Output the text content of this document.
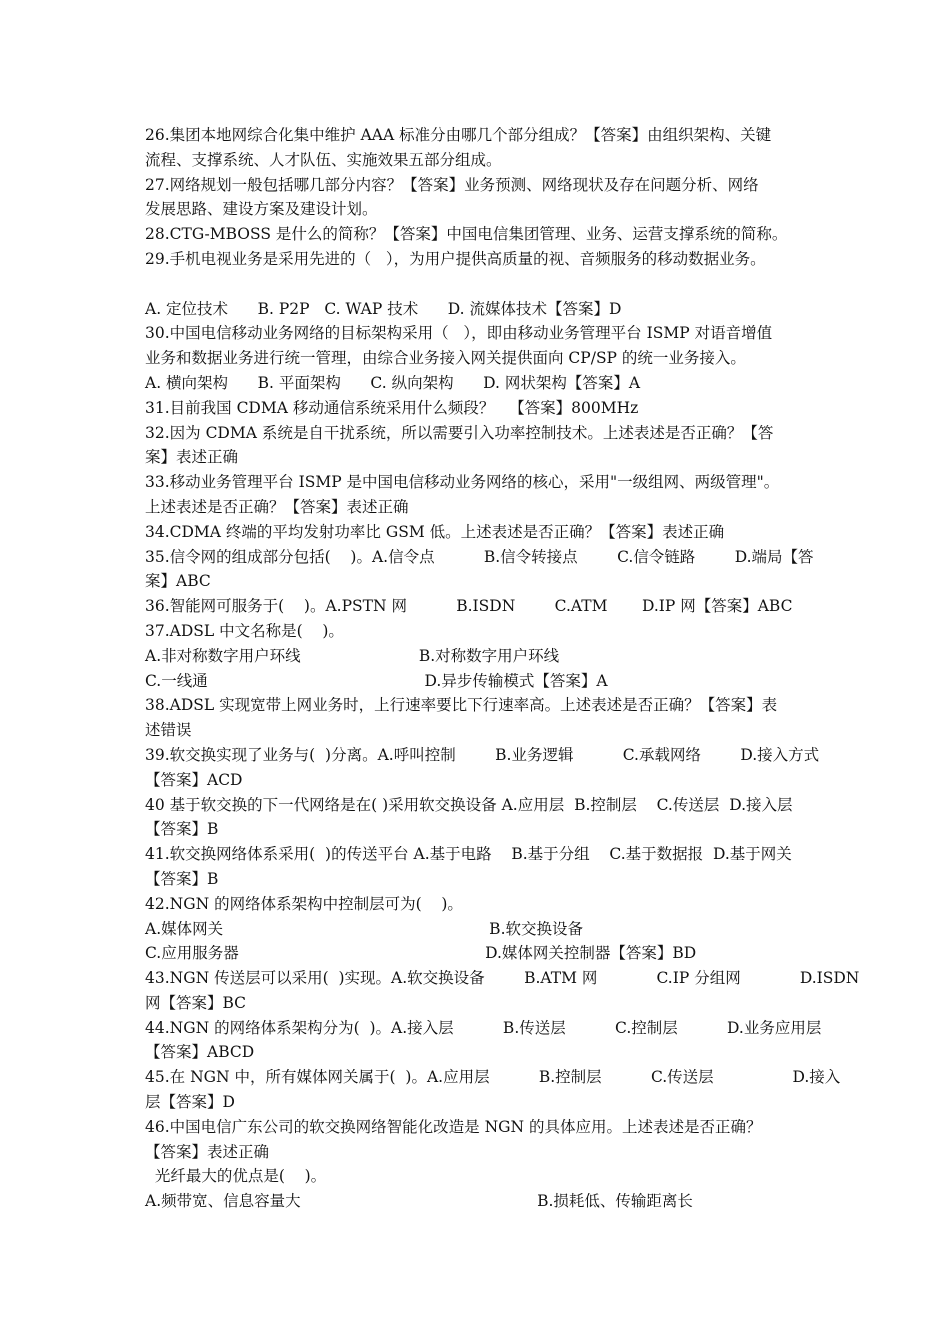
26.集团本地网综合化集中维护 AAA 标准分由哪几个部分组成？【答案】由组织架构、关键
流程、支撑系统、人才队伍、实施效果五部分组成。
27.网络规划一般包括哪几部分内容？【答案】业务预测、网络现状及存在问题分析、网络
发展思路、建设方案及建设计划。
28.CTG-MBOSS 是什么的简称？【答案】中国电信集团管理、业务、运营支撑系统的简称。
29.手机电视业务是采用先进的（   ），为用户提供高质量的视、音频服务的移动数据业务。
A. 定位技术      B. P2P   C. WAP 技术      D. 流媒体技术【答案】D
30.中国电信移动业务网络的目标架构采用（   ），即由移动业务管理平台 ISMP 对语音增值
业务和数据业务进行统一管理，由综合业务接入网关提供面向 CP/SP 的统一业务接入。
A. 横向架构      B. 平面架构      C. 纵向架构      D. 网状架构【答案】A
31.目前我国 CDMA 移动通信系统采用什么频段？   【答案】800MHz
32.因为 CDMA 系统是自干扰系统，所以需要引入功率控制技术。上述表述是否正确？【答
案】表述正确
33.移动业务管理平台 ISMP 是中国电信移动业务网络的核心，采用"一级组网、两级管理"。
上述表述是否正确？【答案】表述正确
34.CDMA 终端的平均发射功率比 GSM 低。上述表述是否正确？【答案】表述正确
35.信令网的组成部分包括(    )。A.信令点          B.信令转接点        C.信令链路        D.端局【答
案】ABC
36.智能网可服务于(    )。A.PSTN 网          B.ISDN        C.ATM       D.IP 网【答案】ABC
37.ADSL 中文名称是(    )。
A.非对称数字用户环线                        B.对称数字用户环线
C.一线通                                            D.异步传输模式【答案】A
38.ADSL 实现宽带上网业务时，上行速率要比下行速率高。上述表述是否正确？【答案】表
述错误
39.软交换实现了业务与(  )分离。A.呼叫控制        B.业务逻辑          C.承载网络        D.接入方式
【答案】ACD
40 基于软交换的下一代网络是在( )采用软交换设备 A.应用层  B.控制层    C.传送层  D.接入层
【答案】B
41.软交换网络体系采用(  )的传送平台 A.基于电路    B.基于分组    C.基于数据报  D.基于网关
【答案】B
42.NGN 的网络体系架构中控制层可为(    )。
A.媒体网关                                                      B.软交换设备
C.应用服务器                                                  D.媒体网关控制器【答案】BD
43.NGN 传送层可以采用(  )实现。A.软交换设备        B.ATM 网            C.IP 分组网            D.ISDN
网【答案】BC
44.NGN 的网络体系架构分为(  )。A.接入层          B.传送层          C.控制层          D.业务应用层
【答案】ABCD
45.在 NGN 中，所有媒体网关属于(  )。A.应用层          B.控制层          C.传送层                D.接入
层【答案】D
46.中国电信广东公司的软交换网络智能化改造是 NGN 的具体应用。上述表述是否正确？
【答案】表述正确
光纤最大的优点是(    )。
A.频带宽、信息容量大                                                B.损耗低、传输距离长
